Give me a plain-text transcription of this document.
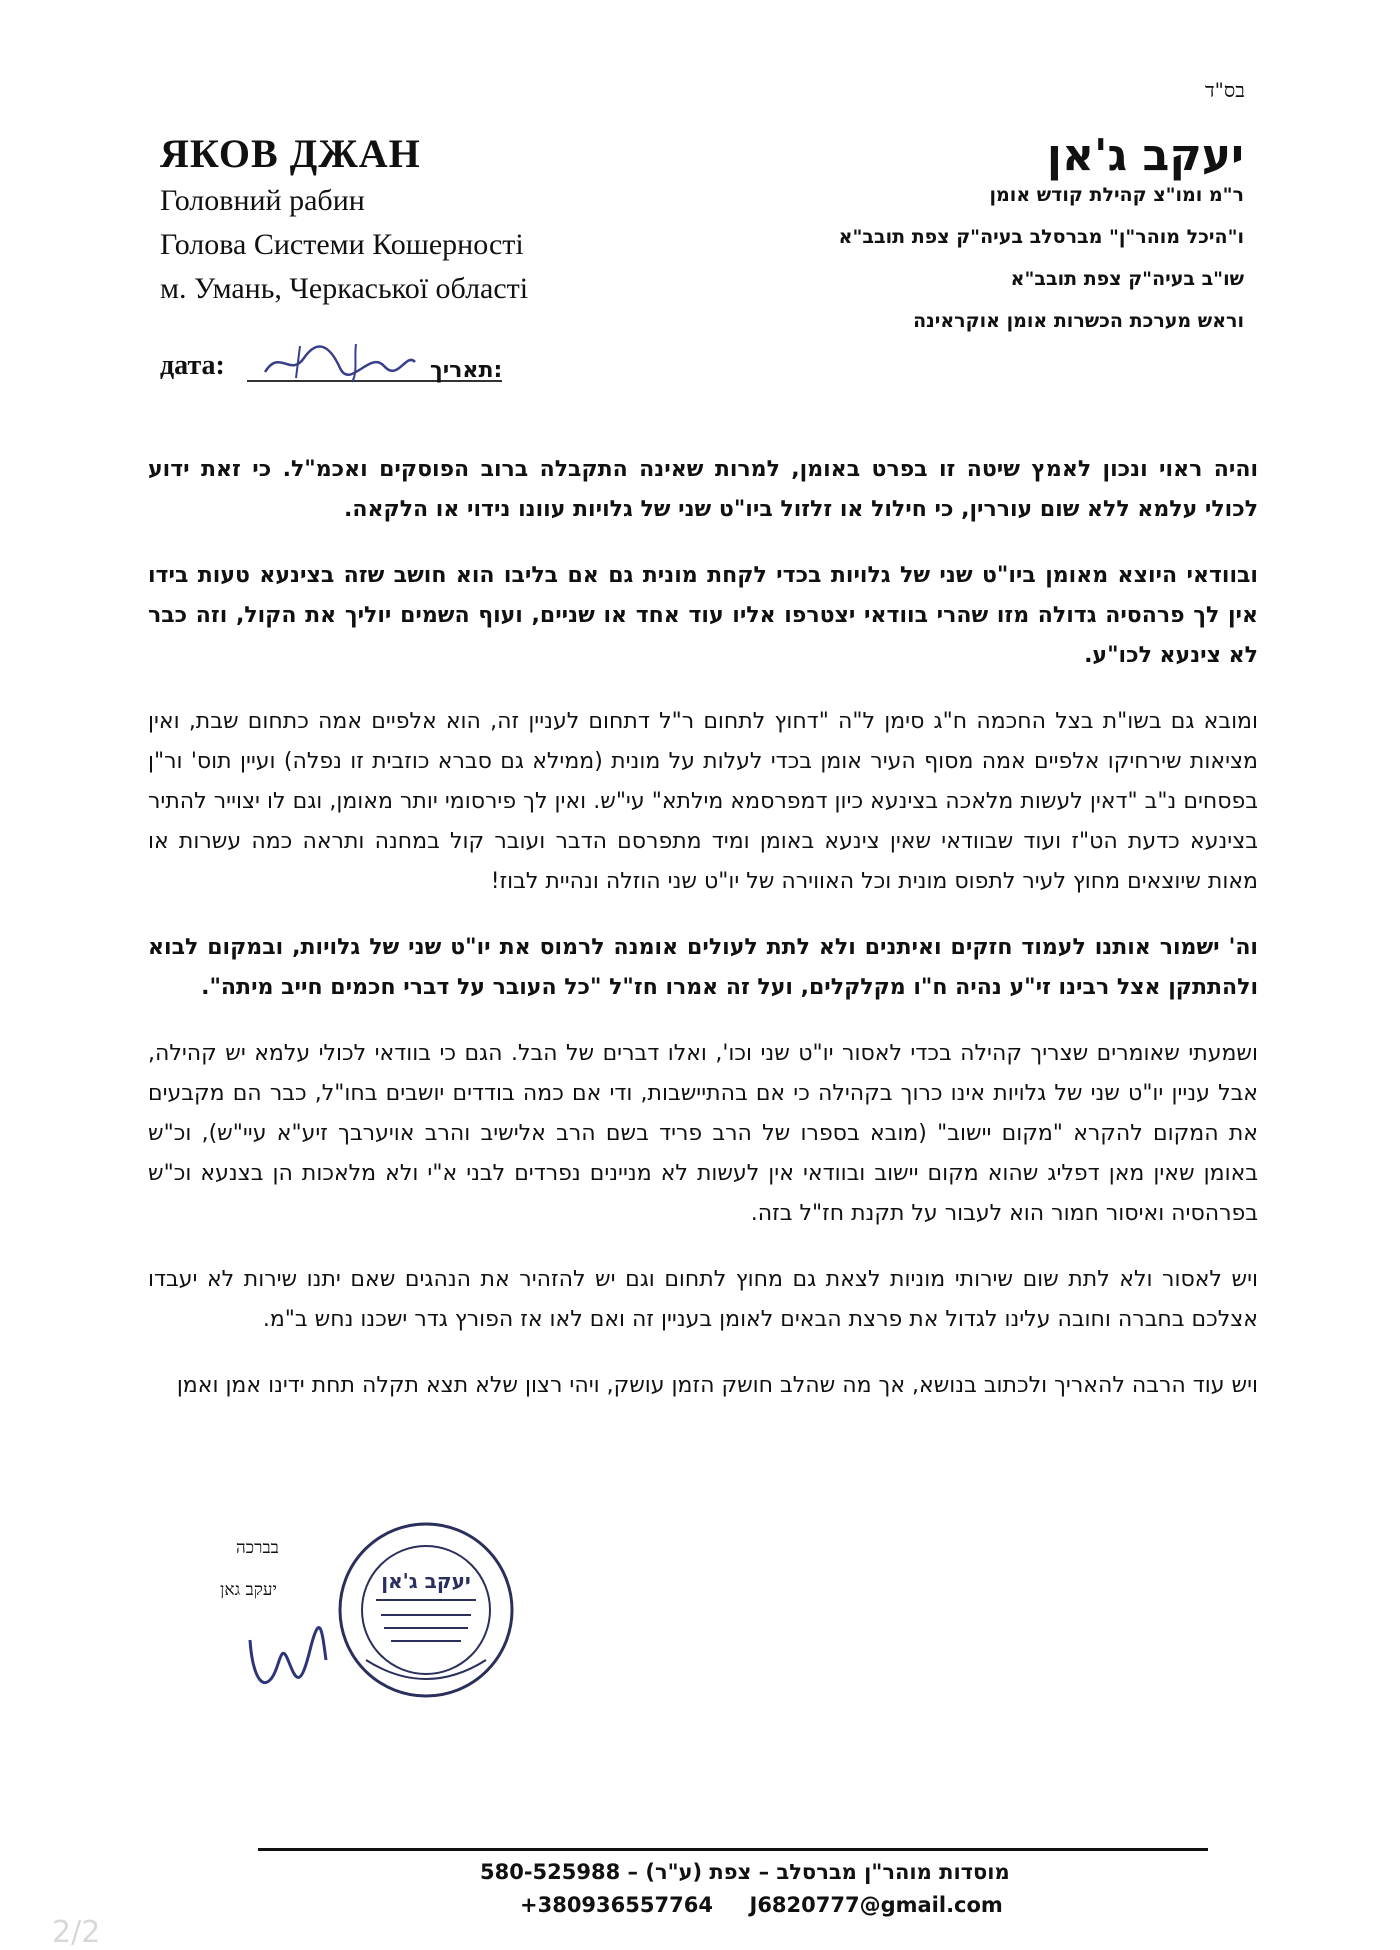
בס"ד
יעקב ג'אן
ר"מ ומו"צ קהילת קודש אומן
ו"היכל מוהר"ן" מברסלב בעיה"ק צפת תובב"א
שו"ב בעיה"ק צפת תובב"א
וראש מערכת הכשרות אומן אוקראינה
ЯКОВ ДЖАН
Головний рабин
Голова Системи Кошерності
м. Умань, Черкаської області
дата:	:תאריך

והיה ראוי ונכון לאמץ שיטה זו בפרט באומן, למרות שאינה התקבלה ברוב הפוסקים ואכמ"ל. כי זאת ידוע לכולי עלמא ללא שום עוררין, כי חילול או זלזול ביו"ט שני של גלויות עוונו נידוי או הלקאה.

ובוודאי היוצא מאומן ביו"ט שני של גלויות בכדי לקחת מונית גם אם בליבו הוא חושב שזה בצינעא טעות בידו אין לך פרהסיה גדולה מזו שהרי בוודאי יצטרפו אליו עוד אחד או שניים, ועוף השמים יוליך את הקול, וזה כבר לא צינעא לכו"ע.

ומובא גם בשו"ת בצל החכמה ח"ג סימן ל"ה "דחוץ לתחום ר"ל דתחום לעניין זה, הוא אלפיים אמה כתחום שבת, ואין מציאות שירחיקו אלפיים אמה מסוף העיר אומן בכדי לעלות על מונית (ממילא גם סברא כוזבית זו נפלה) ועיין תוס' ור"ן בפסחים נ"ב "דאין לעשות מלאכה בצינעא כיון דמפרסמא מילתא" עי"ש. ואין לך פירסומי יותר מאומן, וגם לו יצוייר להתיר בצינעא כדעת הט"ז ועוד שבוודאי שאין צינעא באומן ומיד מתפרסם הדבר ועובר קול במחנה ותראה כמה עשרות או מאות שיוצאים מחוץ לעיר לתפוס מונית וכל האווירה של יו"ט שני הוזלה ונהיית לבוז!

וה' ישמור אותנו לעמוד חזקים ואיתנים ולא לתת לעולים אומנה לרמוס את יו"ט שני של גלויות, ובמקום לבוא ולהתתקן אצל רבינו זי"ע נהיה ח"ו מקלקלים, ועל זה אמרו חז"ל "כל העובר על דברי חכמים חייב מיתה".

ושמעתי שאומרים שצריך קהילה בכדי לאסור יו"ט שני וכו', ואלו דברים של הבל. הגם כי בוודאי לכולי עלמא יש קהילה, אבל עניין יו"ט שני של גלויות אינו כרוך בקהילה כי אם בהתיישבות, ודי אם כמה בודדים יושבים בחו"ל, כבר הם מקבעים את המקום להקרא "מקום יישוב" (מובא בספרו של הרב פריד בשם הרב אלישיב והרב אויערבך זיע"א עיי"ש), וכ"ש באומן שאין מאן דפליג שהוא מקום יישוב ובוודאי אין לעשות לא מניינים נפרדים לבני א"י ולא מלאכות הן בצנעא וכ"ש בפרהסיה ואיסור חמור הוא לעבור על תקנת חז"ל בזה.

ויש לאסור ולא לתת שום שירותי מוניות לצאת גם מחוץ לתחום וגם יש להזהיר את הנהגים שאם יתנו שירות לא יעבדו אצלכם בחברה וחובה עלינו לגדול את פרצת הבאים לאומן בעניין זה ואם לאו אז הפורץ גדר ישכנו נחש ב"מ.

ויש עוד הרבה להאריך ולכתוב בנושא, אך מה שהלב חושק הזמן עושק, ויהי רצון שלא תצא תקלה תחת ידינו אמן ואמן

בברכה
יעקב גאן	יעקב ג'אן
מוסדות מוהר"ן מברסלב – צפת (ע"ר) – 580-525988
+380936557764 J6820777@gmail.com
2/2
